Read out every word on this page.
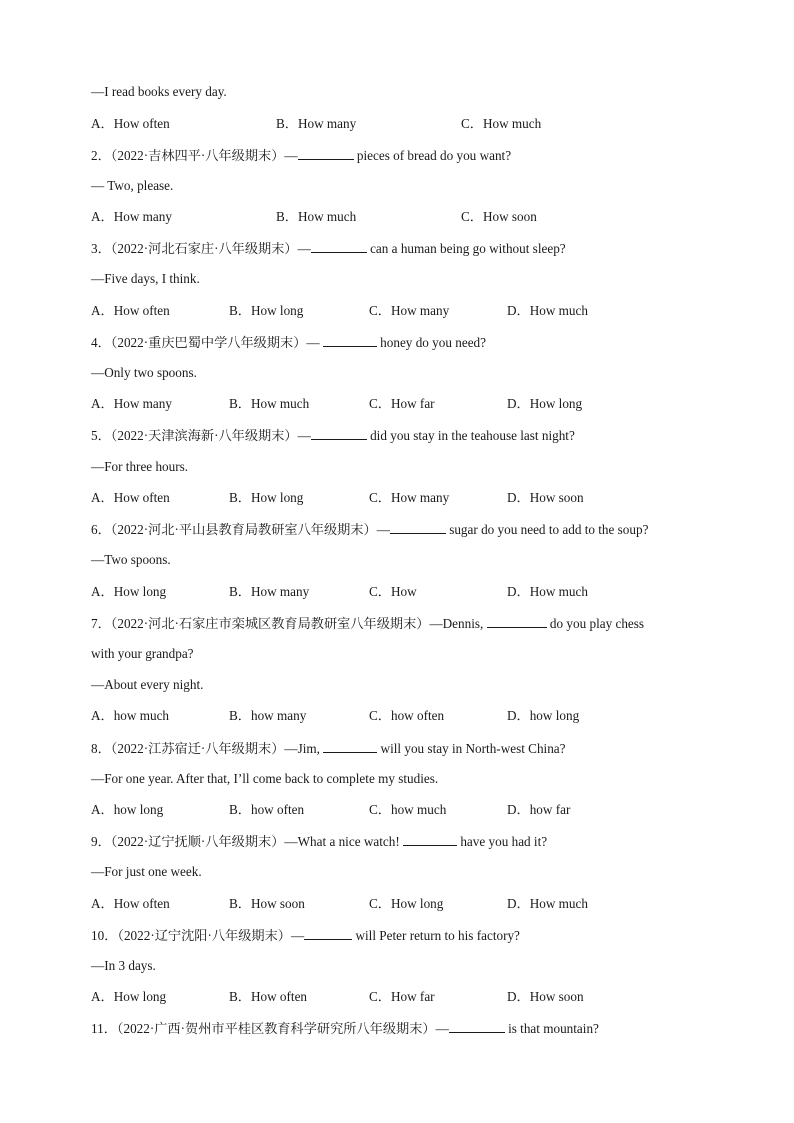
—I read books every day.
A．How often	B．How many	C．How much
2．（2022·吉林四平·八年级期末）—	pieces of bread do you want?
— Two, please.
A．How many	B．How much	C．How soon
3．（2022·河北石家庄·八年级期末）—	can a human being go without sleep?
—Five days, I think.
A．How often	B．How long	C．How many	D．How much
4．（2022·重庆巴蜀中学八年级期末）—	honey do you need?
—Only two spoons.
A．How many	B．How much	C．How far	D．How long
5．（2022·天津滨海新·八年级期末）—	did you stay in the teahouse last night?
—For three hours.
A．How often	B．How long	C．How many	D．How soon
6．（2022·河北·平山县教育局教研室八年级期末）—	sugar do you need to add to the soup?
—Two spoons.
A．How long	B．How many	C．How	D．How much
7．（2022·河北·石家庄市栾城区教育局教研室八年级期末）—Dennis,	do you play chess
with your grandpa?
—About every night.
A．how much	B．how many	C．how often	D．how long
8．（2022·江苏宿迁·八年级期末）—Jim,	will you stay in North-west China?
—For one year. After that, I’ll come back to complete my studies.
A．how long	B．how often	C．how much	D．how far
9．（2022·辽宁抚顺·八年级期末）—What a nice watch!	have you had it?
—For just one week.
A．How often	B．How soon	C．How long	D．How much
10．（2022·辽宁沈阳·八年级期末）—	will Peter return to his factory?
—In 3 days.
A．How long	B．How often	C．How far	D．How soon
11．（2022·广西·贺州市平桂区教育科学研究所八年级期末）—	is that mountain?
